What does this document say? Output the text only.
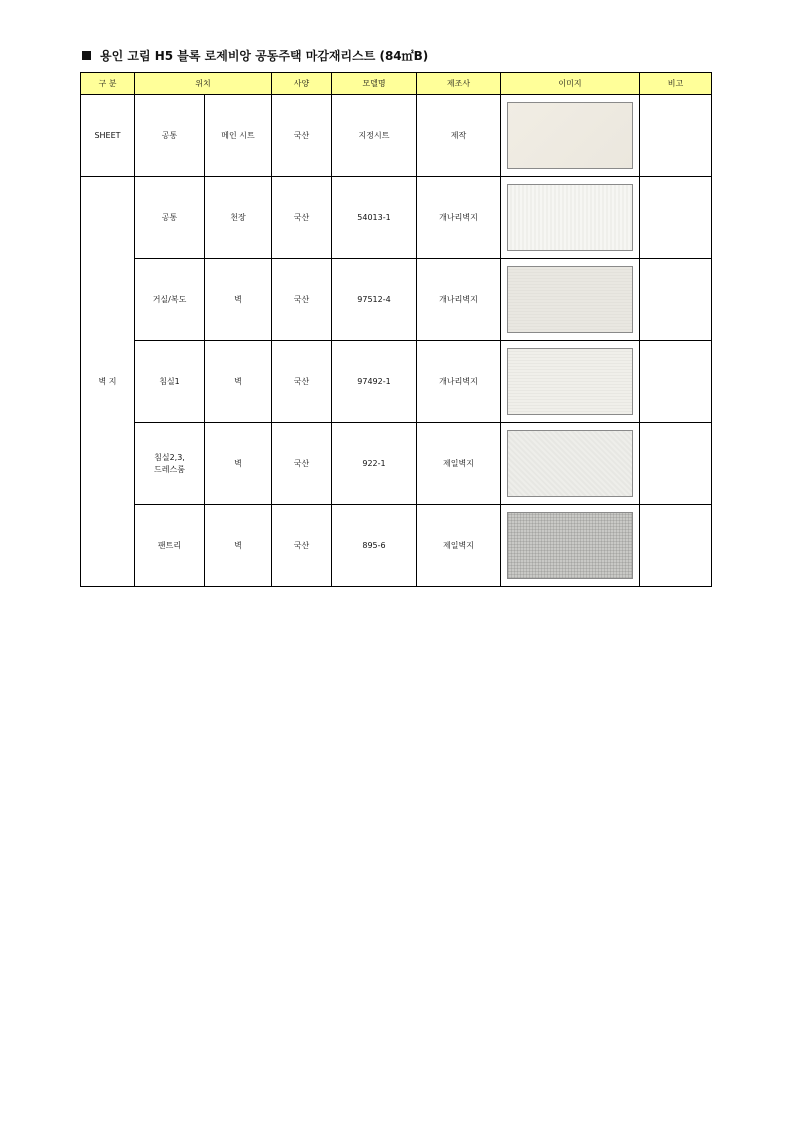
용인 고림 H5 블록 로제비앙 공동주택 마감재리스트 (84㎡B)
구 분	위치		사양	모델명	제조사	이미지	비고
SHEET	공통	메인 시트	국산	지정시트	제작	

벽 지	공통	천장	국산	54013-1	개나리벽지	

	거실/복도	벽	국산	97512-4	개나리벽지	

	침실1	벽	국산	97492-1	개나리벽지	

	침실2,3,
드레스룸	벽	국산	922-1	제일벽지	

	팬트리	벽	국산	895-6	제일벽지	
